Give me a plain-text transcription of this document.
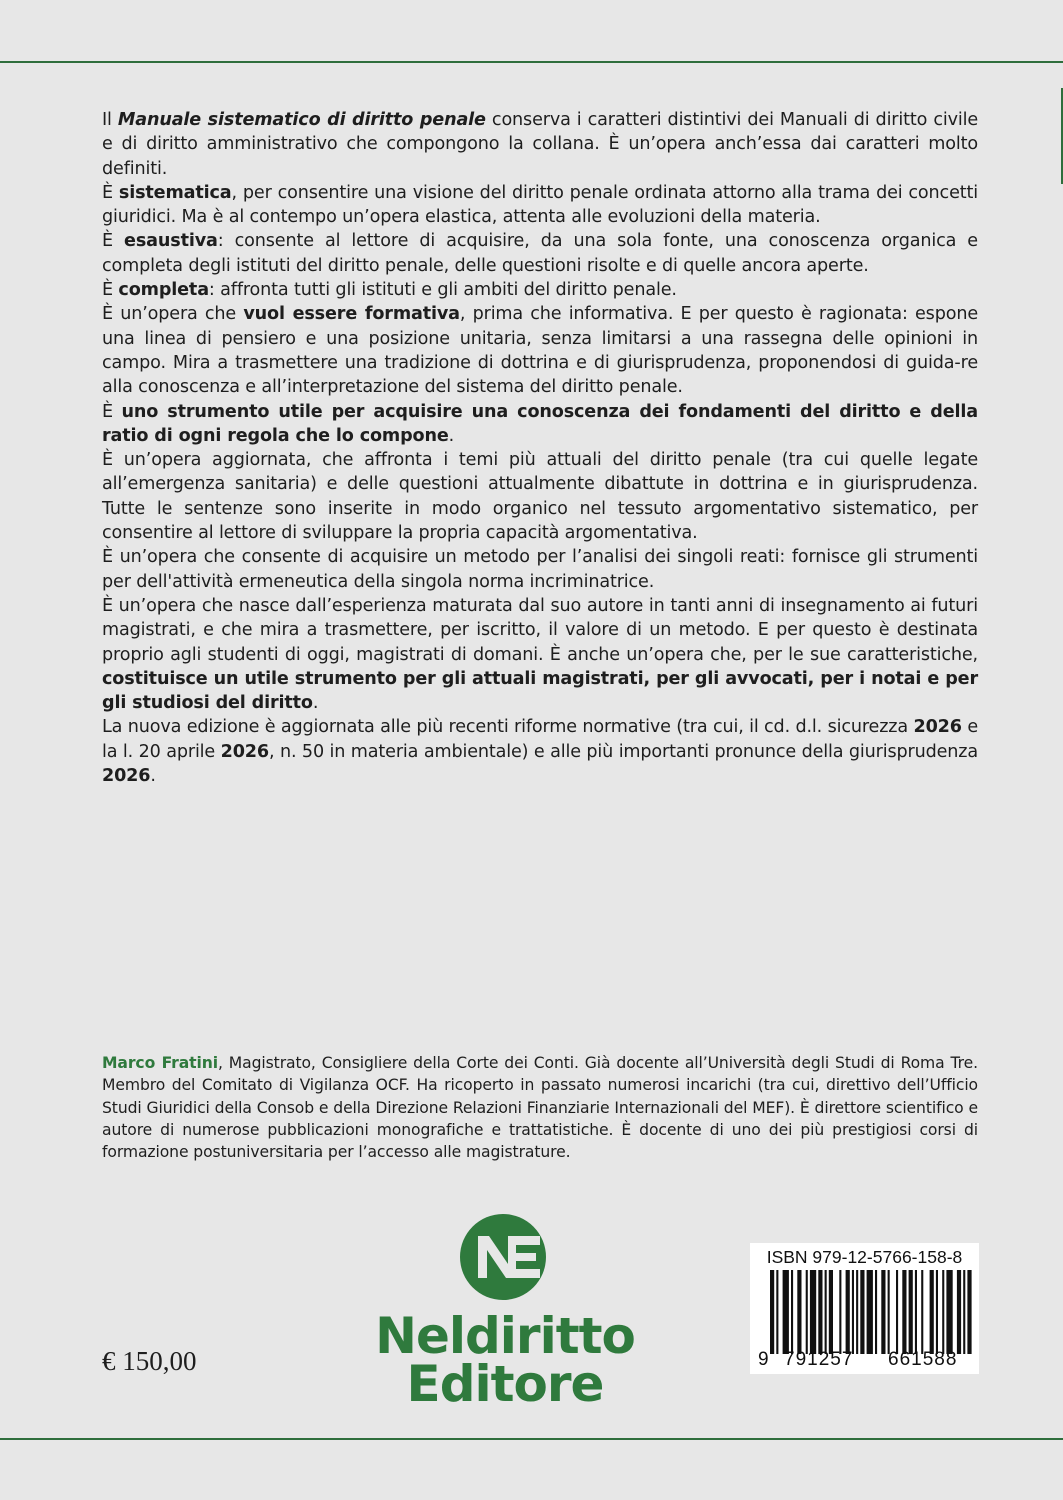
Il Manuale sistematico di diritto penale conserva i caratteri distintivi dei Manuali di diritto civile e di diritto amministrativo che compongono la collana. È un’opera anch’essa dai caratteri molto definiti.

È sistematica, per consentire una visione del diritto penale ordinata attorno alla trama dei concetti giuridici. Ma è al contempo un’opera elastica, attenta alle evoluzioni della materia.

È esaustiva: consente al lettore di acquisire, da una sola fonte, una conoscenza organica e completa degli istituti del diritto penale, delle questioni risolte e di quelle ancora aperte.

È completa: affronta tutti gli istituti e gli ambiti del diritto penale.

È un’opera che vuol essere formativa, prima che informativa. E per questo è ragionata: espone una linea di pensiero e una posizione unitaria, senza limitarsi a una rassegna delle opinioni in campo. Mira a trasmettere una tradizione di dottrina e di giurisprudenza, proponendosi di guida-re alla conoscenza e all’interpretazione del sistema del diritto penale.

È uno strumento utile per acquisire una conoscenza dei fondamenti del diritto e della ratio di ogni regola che lo compone.

È un’opera aggiornata, che affronta i temi più attuali del diritto penale (tra cui quelle legate all’emergenza sanitaria) e delle questioni attualmente dibattute in dottrina e in giurisprudenza. Tutte le sentenze sono inserite in modo organico nel tessuto argomentativo sistematico, per consentire al lettore di sviluppare la propria capacità argomentativa.

È un’opera che consente di acquisire un metodo per l’analisi dei singoli reati: fornisce gli strumenti per dell'attività ermeneutica della singola norma incriminatrice.

È un’opera che nasce dall’esperienza maturata dal suo autore in tanti anni di insegnamento ai futuri magistrati, e che mira a trasmettere, per iscritto, il valore di un metodo. E per questo è destinata proprio agli studenti di oggi, magistrati di domani. È anche un’opera che, per le sue caratteristiche, costituisce un utile strumento per gli attuali magistrati, per gli avvocati, per i notai e per gli studiosi del diritto.

La nuova edizione è aggiornata alle più recenti riforme normative (tra cui, il cd. d.l. sicurezza 2026 e la l. 20 aprile 2026, n. 50 in materia ambientale) e alle più importanti pronunce della giurisprudenza 2026.

Marco Fratini, Magistrato, Consigliere della Corte dei Conti. Già docente all’Università degli Studi di Roma Tre. Membro del Comitato di Vigilanza OCF. Ha ricoperto in passato numerosi incarichi (tra cui, direttivo dell’Ufficio Studi Giuridici della Consob e della Direzione Relazioni Finanziarie Internazionali del MEF). È direttore scientifico e autore di numerose pubblicazioni monografiche e trattatistiche. È docente di uno dei più prestigiosi corsi di formazione postuniversitaria per l’accesso alle magistrature.
€ 150,00	Neldiritto
Editore
ISBN 979-12-5766-158-8
9 791257 661588
